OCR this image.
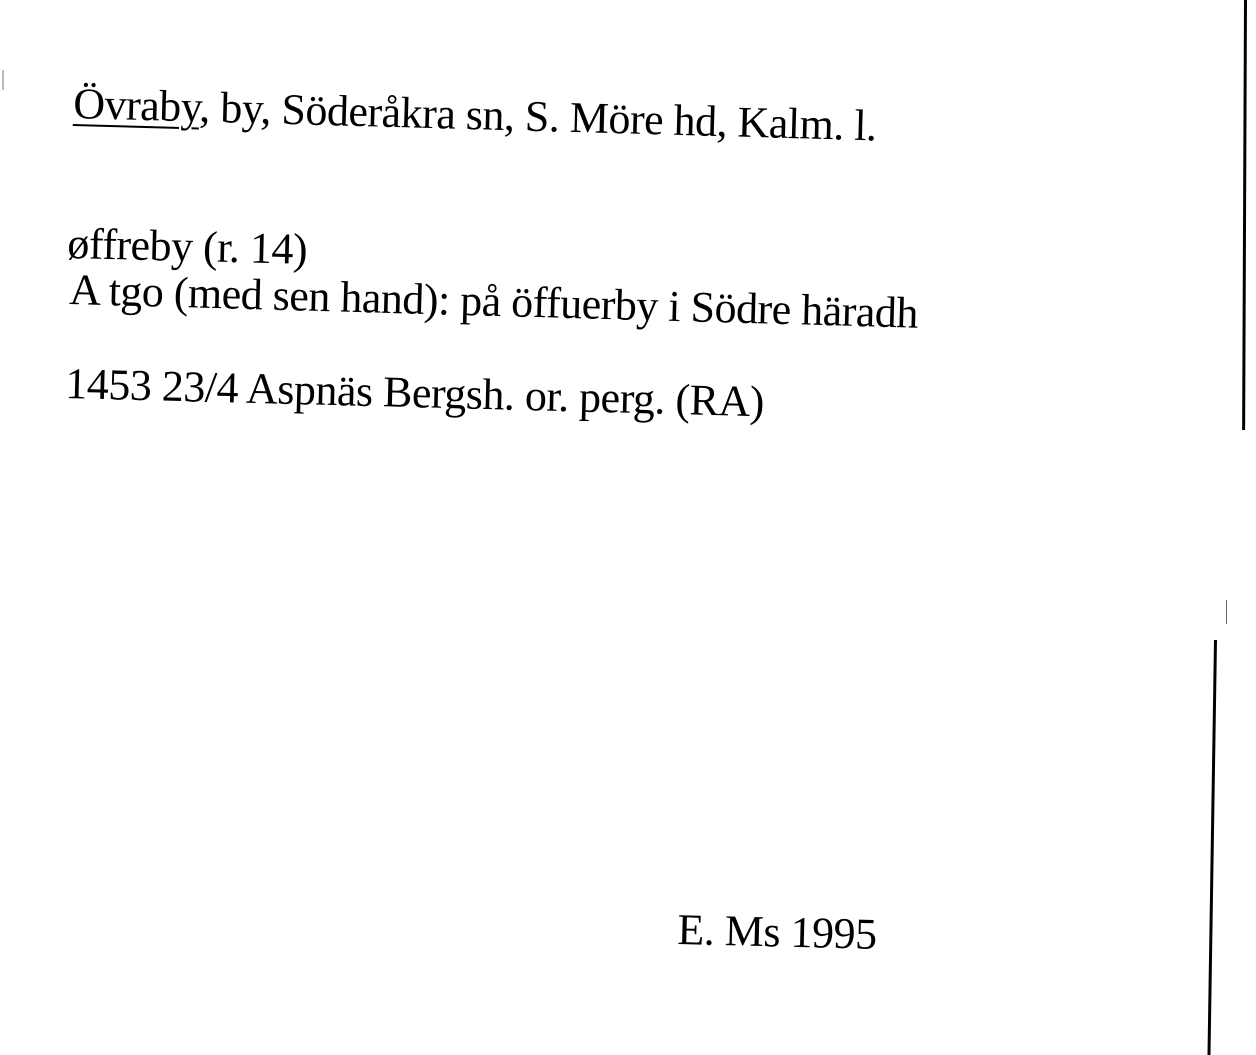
Övraby, by, Söderåkra sn, S. Möre hd, Kalm. l.
øffreby (r. 14)
A tgo (med sen hand): på öffuerby i Södre häradh
1453 23/4 Aspnäs Bergsh. or. perg. (RA)
E. Ms 1995
